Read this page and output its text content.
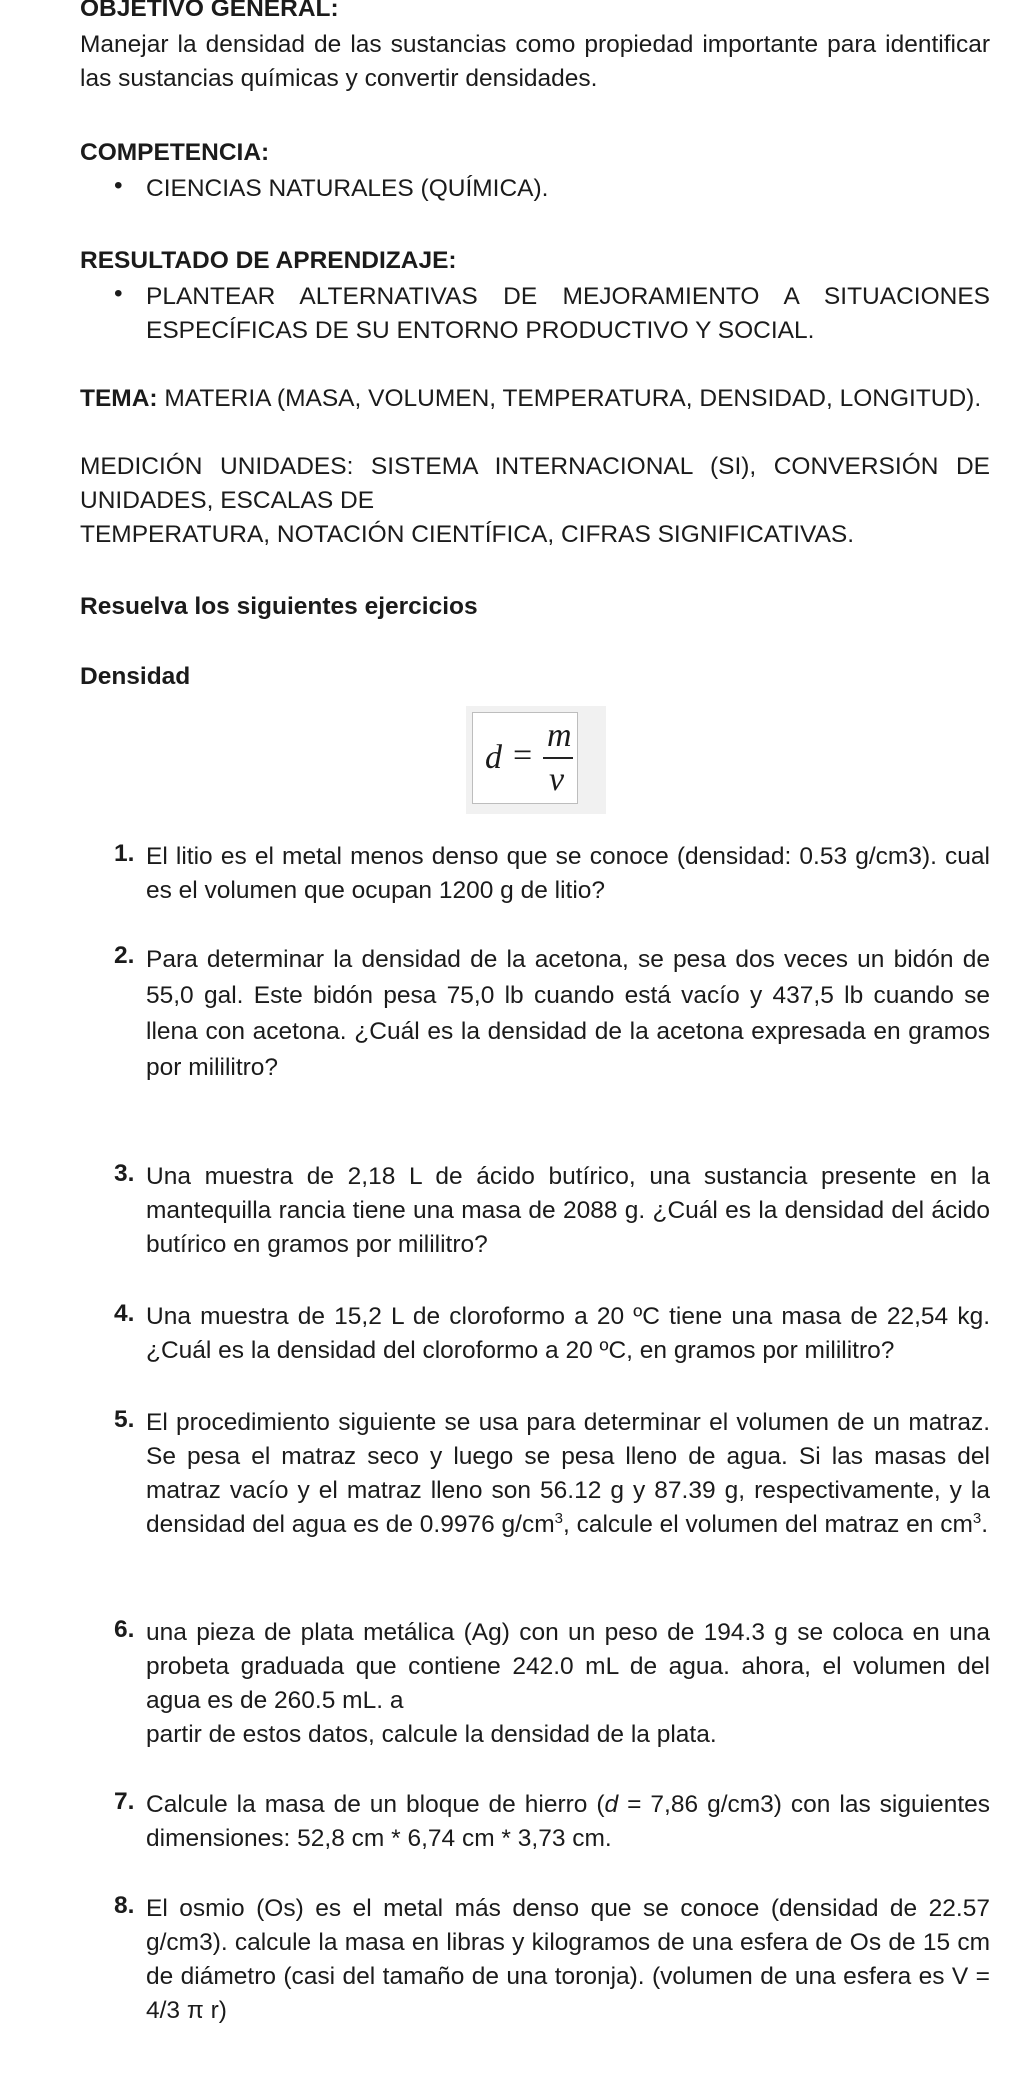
OBJETIVO GENERAL:

Manejar la densidad de las sustancias como propiedad importante para identificar las sustancias químicas y convertir densidades.

COMPETENCIA:

• CIENCIAS NATURALES (QUÍMICA).

RESULTADO DE APRENDIZAJE:

• PLANTEAR ALTERNATIVAS DE MEJORAMIENTO A SITUACIONES ESPECÍFICAS DE SU ENTORNO PRODUCTIVO Y SOCIAL.

TEMA: MATERIA (MASA, VOLUMEN, TEMPERATURA, DENSIDAD, LONGITUD).

MEDICIÓN UNIDADES: SISTEMA INTERNACIONAL (SI), CONVERSIÓN DE UNIDADES, ESCALAS DE

TEMPERATURA, NOTACIÓN CIENTÍFICA, CIFRAS SIGNIFICATIVAS.

Resuelva los siguientes ejercicios

Densidad

1. El litio es el metal menos denso que se conoce (densidad: 0.53 g/cm3). cual es el volumen que ocupan 1200 g de litio?

2. Para determinar la densidad de la acetona, se pesa dos veces un bidón de 55,0 gal. Este bidón pesa 75,0 lb cuando está vacío y 437,5 lb cuando se llena con acetona. ¿Cuál es la densidad de la acetona expresada en gramos por mililitro?

3. Una muestra de 2,18 L de ácido butírico, una sustancia presente en la mantequilla rancia tiene una masa de 2088 g. ¿Cuál es la densidad del ácido butírico en gramos por mililitro?

4. Una muestra de 15,2 L de cloroformo a 20 ºC tiene una masa de 22,54 kg. ¿Cuál es la densidad del cloroformo a 20 ºC, en gramos por mililitro?

5. El procedimiento siguiente se usa para determinar el volumen de un matraz. Se pesa el matraz seco y luego se pesa lleno de agua. Si las masas del matraz vacío y el matraz lleno son 56.12 g y 87.39 g, respectivamente, y la densidad del agua es de 0.9976 $g/cm^3$, calcule el volumen del matraz en $cm^3$.

6. una pieza de plata metálica (Ag) con un peso de 194.3 g se coloca en una probeta graduada que contiene 242.0 mL de agua. ahora, el volumen del agua es de 260.5 mL. a

partir de estos datos, calcule la densidad de la plata.

7. Calcule la masa de un bloque de hierro (d = 7,86 g/cm3) con las siguientes dimensiones: 52,8 cm * 6,74 cm * 3,73 cm.

8. El osmio (Os) es el metal más denso que se conoce (densidad de 22.57 g/cm3). calcule la masa en libras y kilogramos de una esfera de Os de 15 cm de diámetro (casi del tamaño de una toronja). (volumen de una esfera es V = 4/3 π r)

d =
m
v
